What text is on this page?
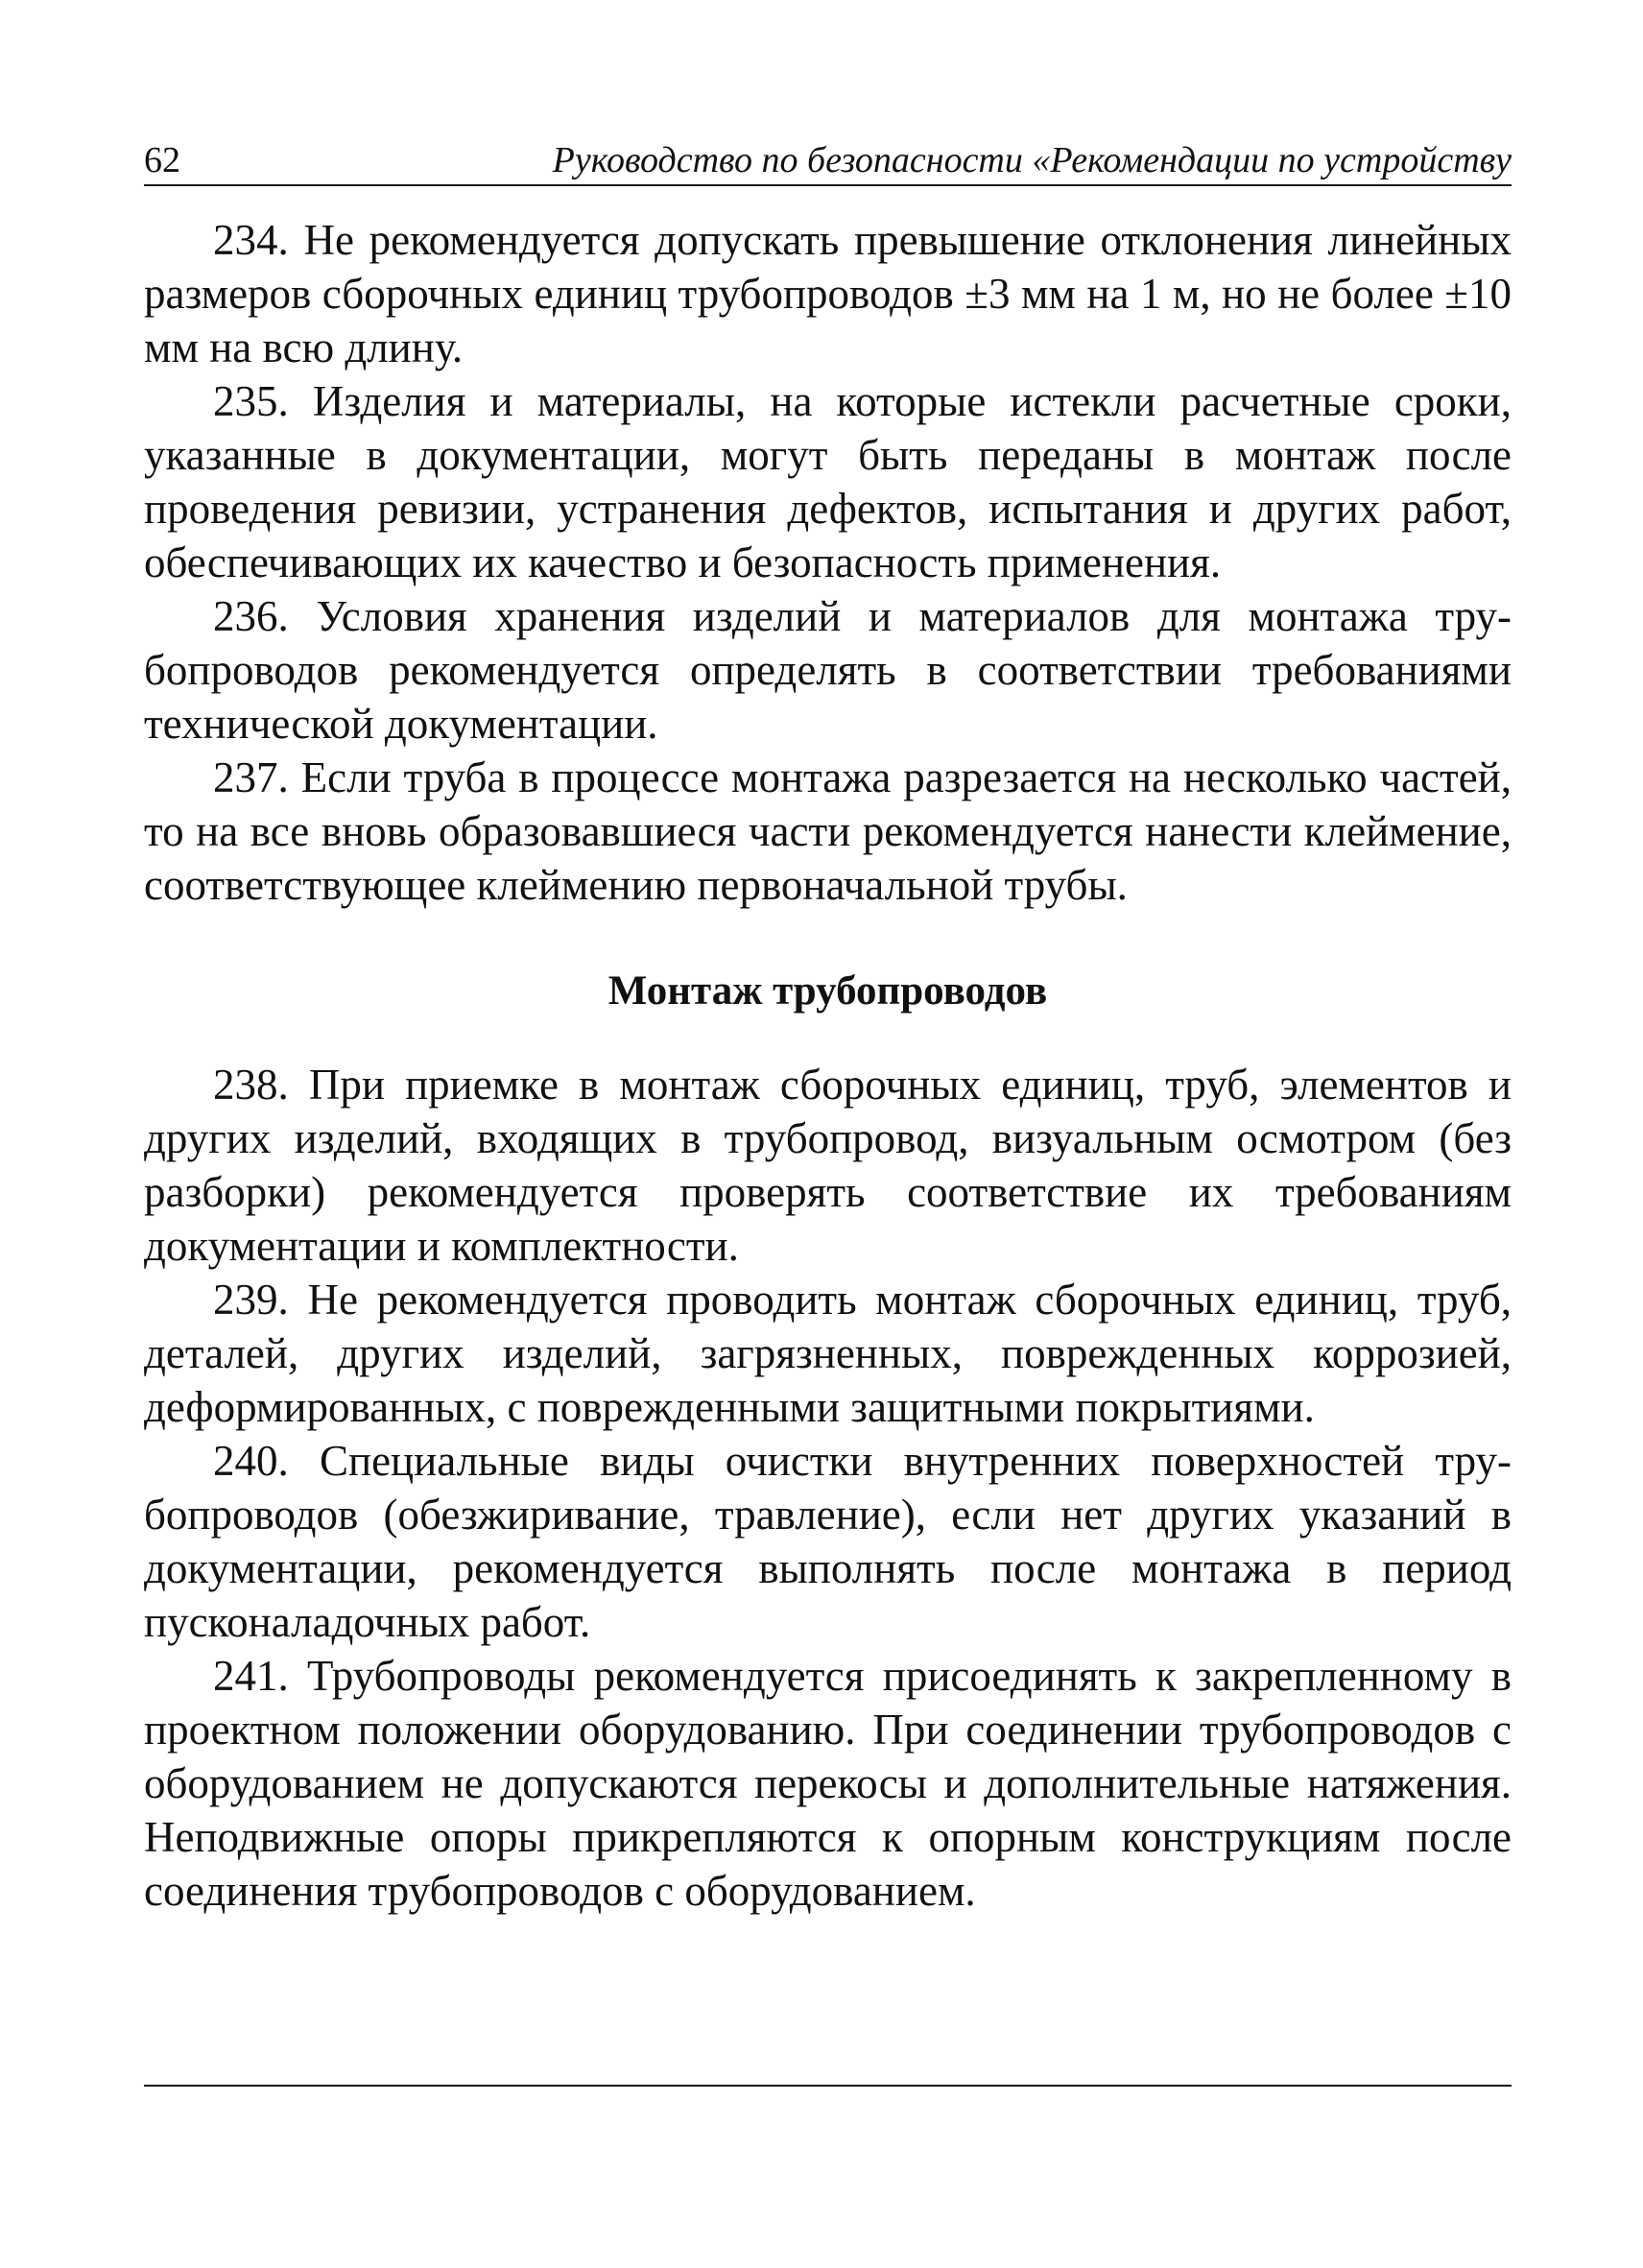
62	Руководство по безопасности «Рекомендации по устройству

234. Не рекомендуется допускать превышение отклонения линейных размеров сборочных единиц трубопроводов ±3 мм на 1 м, но не более ±10 мм на всю длину.

235. Изделия и материалы, на которые истекли расчетные сроки, указанные в документации, могут быть переданы в монтаж после проведения ревизии, устранения дефектов, испытания и других работ, обеспечивающих их качество и безопасность применения.

236. Условия хранения изделий и материалов для монтажа трубопроводов рекомендуется определять в соответствии требованиями технической документации.

237. Если труба в процессе монтажа разрезается на несколько частей, то на все вновь образовавшиеся части рекомендуется нанести клеймение, соответствующее клеймению первоначальной трубы.

Монтаж трубопроводов

238. При приемке в монтаж сборочных единиц, труб, элементов и других изделий, входящих в трубопровод, визуальным осмотром (без разборки) рекомендуется проверять соответствие их требованиям документации и комплектности.

239. Не рекомендуется проводить монтаж сборочных единиц, труб, деталей, других изделий, загрязненных, поврежденных коррозией, деформированных, с поврежденными защитными покрытиями.

240. Специальные виды очистки внутренних поверхностей трубопроводов (обезжиривание, травление), если нет других указаний в документации, рекомендуется выполнять после монтажа в период пусконаладочных работ.

241. Трубопроводы рекомендуется присоединять к закрепленному в проектном положении оборудованию. При соединении трубопроводов с оборудованием не допускаются перекосы и дополнительные натяжения. Неподвижные опоры прикрепляются к опорным конструкциям после соединения трубопроводов с оборудованием.
